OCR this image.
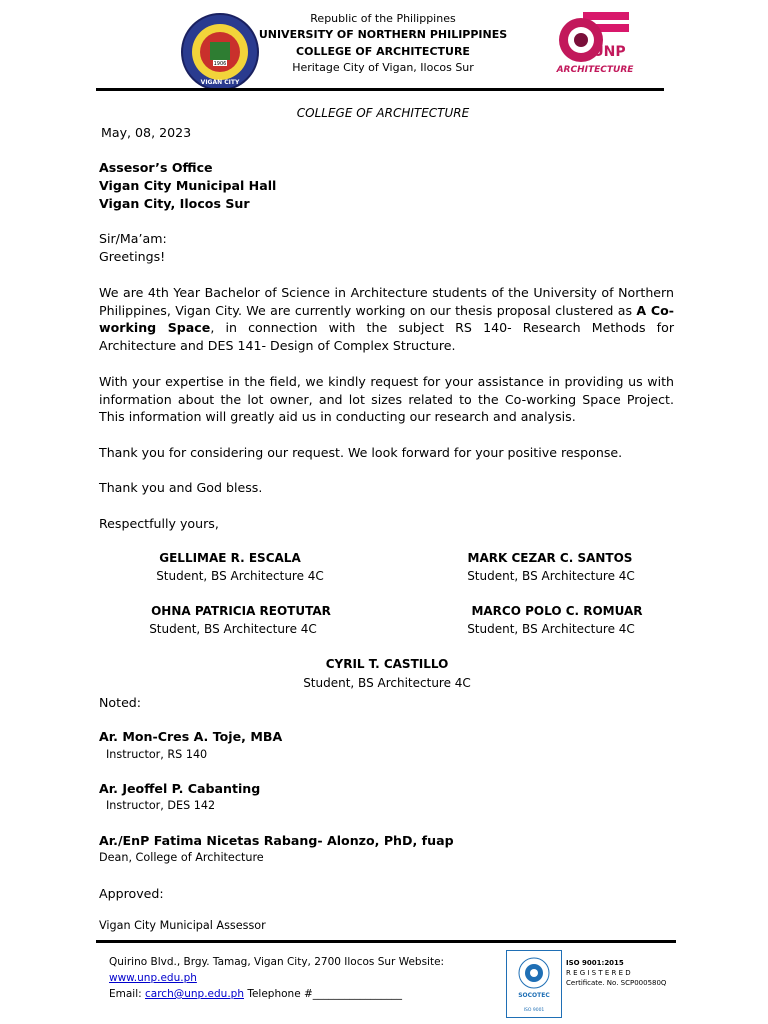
1906
VIGAN CITY
Republic of the Philippines
UNIVERSITY OF NORTHERN PHILIPPINES
COLLEGE OF ARCHITECTURE
Heritage City of Vigan, Ilocos Sur
UNP
ARCHITECTURE
COLLEGE OF ARCHITECTURE
May, 08, 2023
Assesor’s Office
Vigan City Municipal Hall
Vigan City, Ilocos Sur
Sir/Ma’am:
Greetings!
We are 4th Year Bachelor of Science in Architecture students of the University of Northern Philippines, Vigan City. We are currently working on our thesis proposal clustered as A Co-working Space, in connection with the subject RS 140- Research Methods for Architecture and DES 141- Design of Complex Structure.
With your expertise in the field, we kindly request for your assistance in providing us with information about the lot owner, and lot sizes related to the Co-working Space Project. This information will greatly aid us in conducting our research and analysis.
Thank you for considering our request. We look forward for your positive response.
Thank you and God bless.
Respectfully yours,
GELLIMAE R. ESCALA
Student, BS Architecture 4C
MARK CEZAR C. SANTOS
Student, BS Architecture 4C
OHNA PATRICIA REOTUTAR
Student, BS Architecture 4C
MARCO POLO C. ROMUAR
Student, BS Architecture 4C
CYRIL T. CASTILLO
Student, BS Architecture 4C
Noted:
Ar. Mon-Cres A. Toje, MBA
Instructor, RS 140
Ar. Jeoffel P. Cabanting
Instructor, DES 142
Ar./EnP Fatima Nicetas Rabang- Alonzo, PhD, fuap
Dean, College of Architecture
Approved:
Vigan City Municipal Assessor
Quirino Blvd., Brgy. Tamag, Vigan City, 2700 Ilocos Sur Website:
www.unp.edu.ph
Email: carch@unp.edu.ph Telephone #_________________	SOCOTEC
ISO 9001
ISO 9001:2015
R E G I S T E R E D
Certificate. No. SCP000580Q
